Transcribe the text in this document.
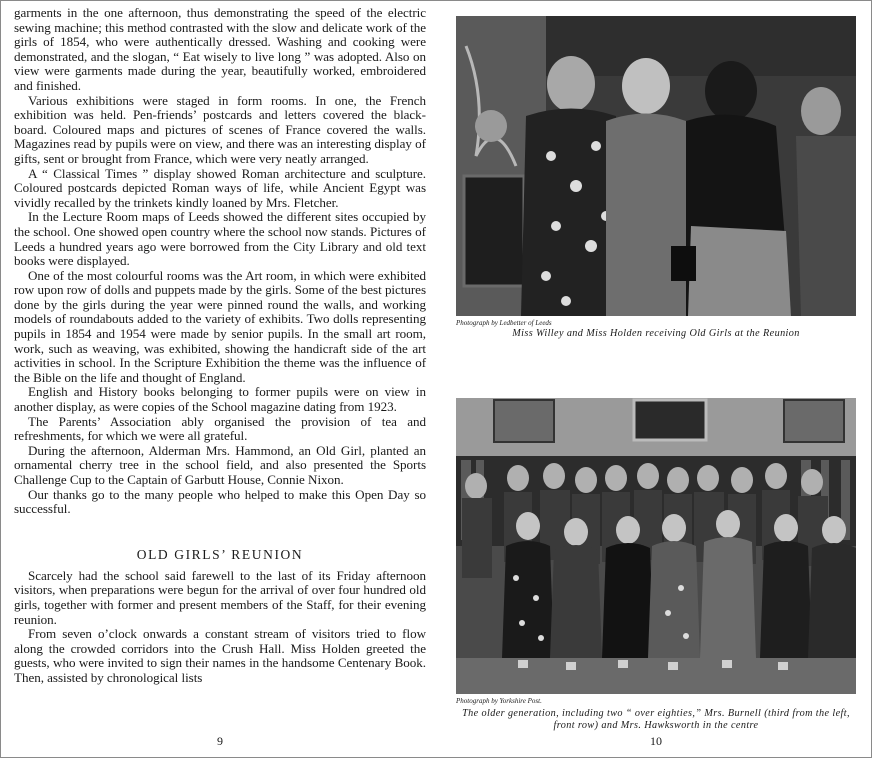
garments in the one afternoon, thus demonstrating the speed of the electric sewing machine; this method contrasted with the slow and delicate work of the girls of 1854, who were authentically dressed. Washing and cooking were demonstrated, and the slogan, “ Eat wisely to live long ” was adopted. Also on view were garments made during the year, beautifully worked, embroidered and finished.

Various exhibitions were staged in form rooms. In one, the French exhibition was held. Pen-friends’ postcards and letters covered the black-board. Coloured maps and pictures of scenes of France covered the walls. Magazines read by pupils were on view, and there was an interesting display of gifts, sent or brought from France, which were very neatly arranged.

A “ Classical Times ” display showed Roman architecture and sculpture. Coloured postcards depicted Roman ways of life, while Ancient Egypt was vividly recalled by the trinkets kindly loaned by Mrs. Fletcher.

In the Lecture Room maps of Leeds showed the different sites occupied by the school. One showed open country where the school now stands. Pictures of Leeds a hundred years ago were borrowed from the City Library and old text books were displayed.

One of the most colourful rooms was the Art room, in which were exhibited row upon row of dolls and puppets made by the girls. Some of the best pictures done by the girls during the year were pinned round the walls, and working models of roundabouts added to the variety of exhibits. Two dolls representing pupils in 1854 and 1954 were made by senior pupils. In the small art room, work, such as weaving, was exhibited, showing the handicraft side of the art activities in school. In the Scripture Exhibition the theme was the influence of the Bible on the life and thought of England.

English and History books belonging to former pupils were on view in another display, as were copies of the School magazine dating from 1923.

The Parents’ Association ably organised the provision of tea and refreshments, for which we were all grateful.

During the afternoon, Alderman Mrs. Hammond, an Old Girl, planted an ornamental cherry tree in the school field, and also presented the Sports Challenge Cup to the Captain of Garbutt House, Connie Nixon.

Our thanks go to the many people who helped to make this Open Day so successful.

OLD GIRLS’ REUNION

Scarcely had the school said farewell to the last of its Friday afternoon visitors, when preparations were begun for the arrival of over four hundred old girls, together with former and present members of the Staff, for their evening reunion.

From seven o’clock onwards a constant stream of visitors tried to flow along the crowded corridors into the Crush Hall. Miss Holden greeted the guests, who were invited to sign their names in the handsome Centenary Book. Then, assisted by chronological lists

9
Photograph by Ledbetter of Leeds
Miss Willey and Miss Holden receiving Old Girls at the Reunion
Photograph by Yorkshire Post.
The older generation, including two “ over eighties,” Mrs. Burnell (third from the left, front row) and Mrs. Hawksworth in the centre
10
